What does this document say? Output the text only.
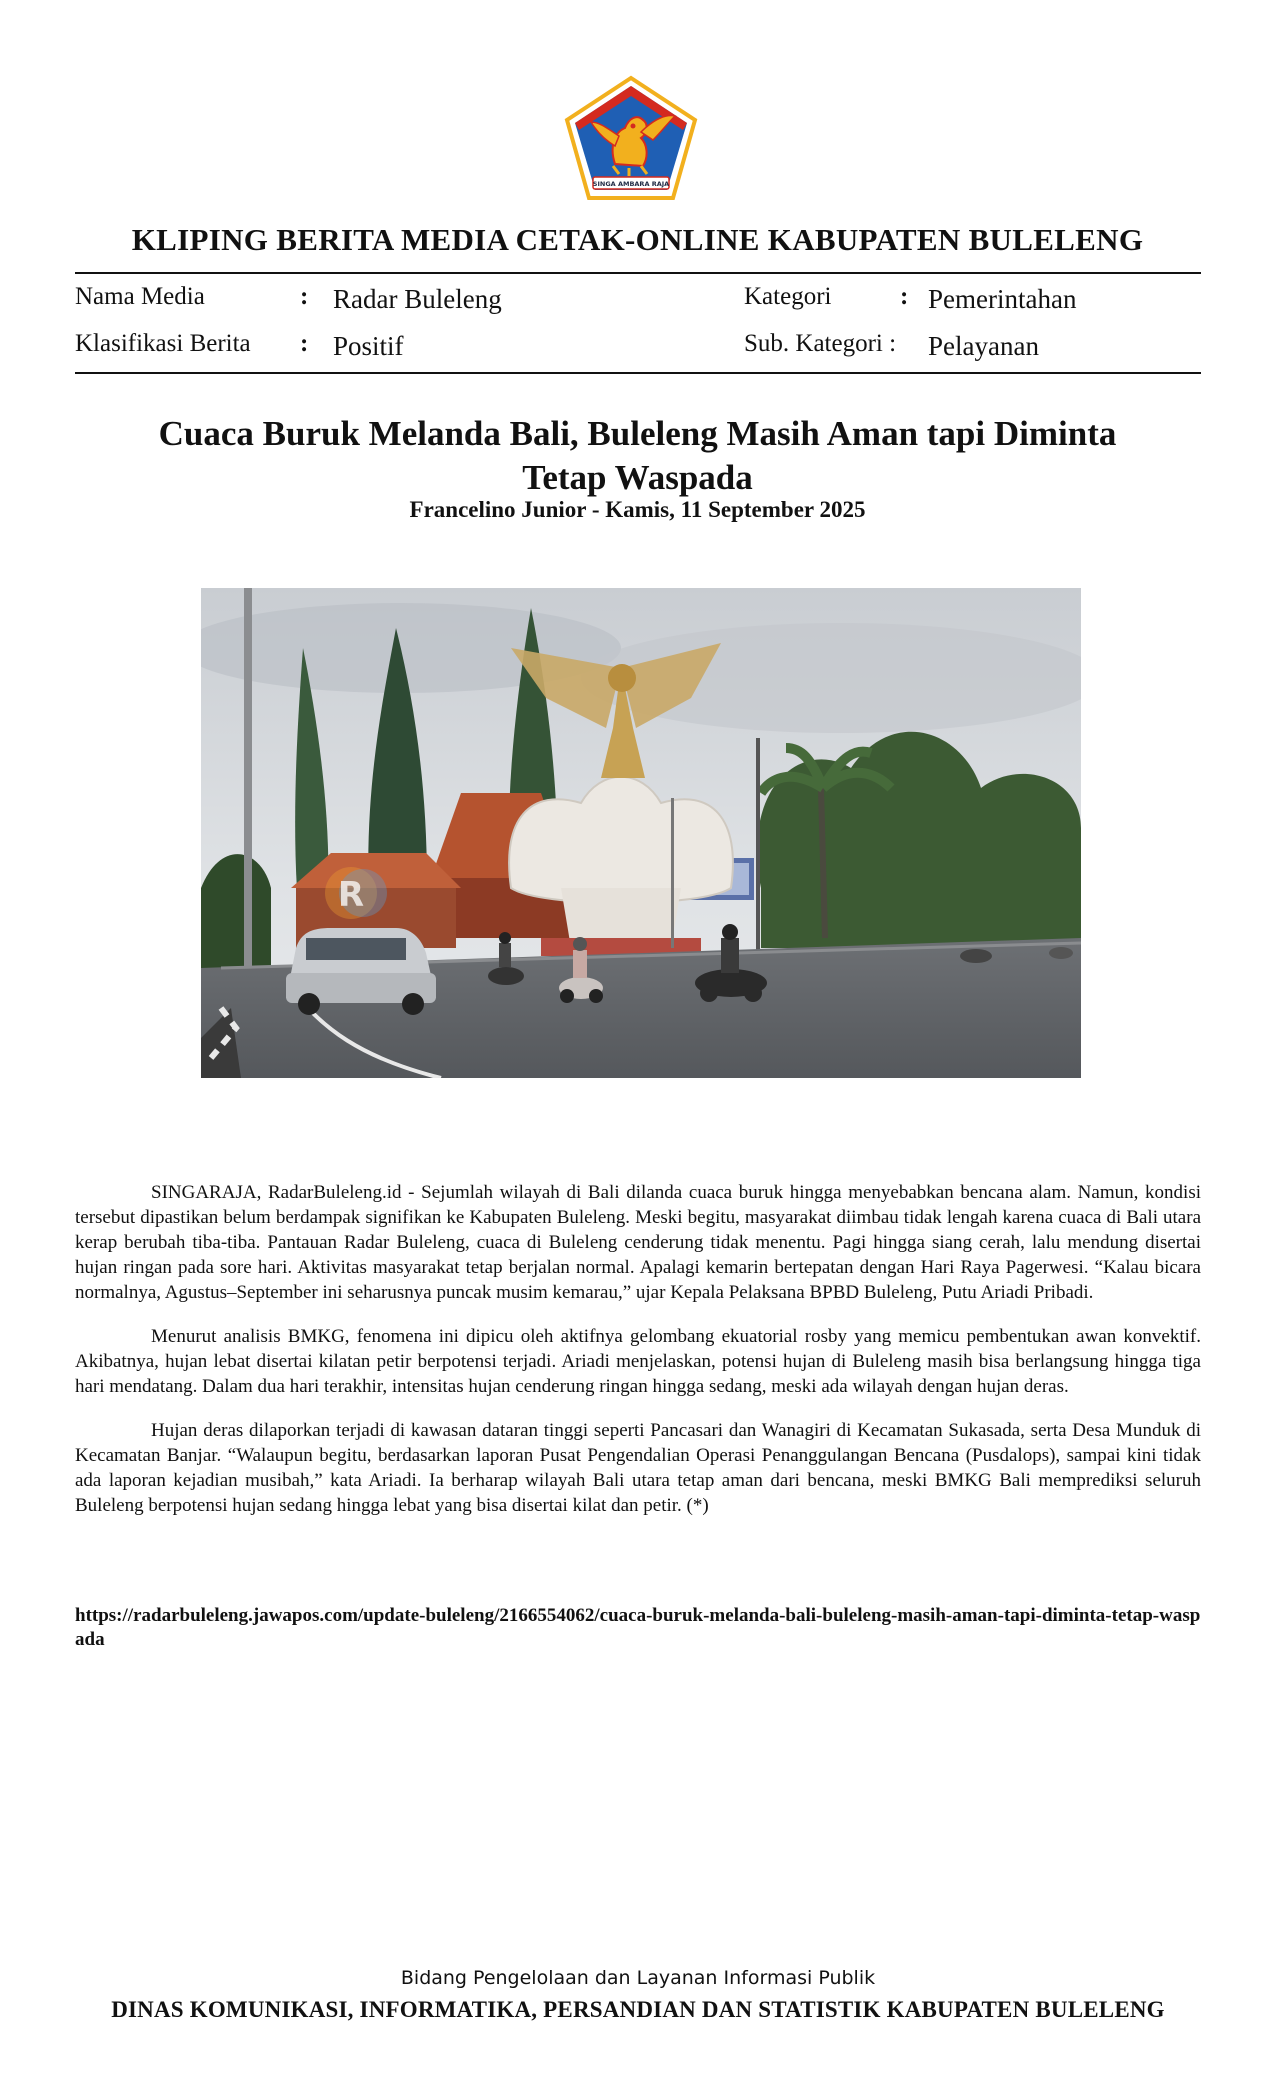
SINGA AMBARA RAJA
KLIPING BERITA MEDIA CETAK-ONLINE KABUPATEN BULELENG
Nama Media	: Radar Buleleng	Kategori	: Pemerintahan
Klasifikasi Berita : Positif	Sub. Kategori : Pelayanan
Cuaca Buruk Melanda Bali, Buleleng Masih Aman tapi Diminta
Tetap Waspada
Francelino Junior - Kamis, 11 September 2025
R

SINGARAJA, RadarBuleleng.id - Sejumlah wilayah di Bali dilanda cuaca buruk hingga menyebabkan bencana alam. Namun, kondisi tersebut dipastikan belum berdampak signifikan ke Kabupaten Buleleng. Meski begitu, masyarakat diimbau tidak lengah karena cuaca di Bali utara kerap berubah tiba-tiba. Pantauan Radar Buleleng, cuaca di Buleleng cenderung tidak menentu. Pagi hingga siang cerah, lalu mendung disertai hujan ringan pada sore hari. Aktivitas masyarakat tetap berjalan normal. Apalagi kemarin bertepatan dengan Hari Raya Pagerwesi. “Kalau bicara normalnya, Agustus–September ini seharusnya puncak musim kemarau,” ujar Kepala Pelaksana BPBD Buleleng, Putu Ariadi Pribadi.

Menurut analisis BMKG, fenomena ini dipicu oleh aktifnya gelombang ekuatorial rosby yang memicu pembentukan awan konvektif. Akibatnya, hujan lebat disertai kilatan petir berpotensi terjadi. Ariadi menjelaskan, potensi hujan di Buleleng masih bisa berlangsung hingga tiga hari mendatang. Dalam dua hari terakhir, intensitas hujan cenderung ringan hingga sedang, meski ada wilayah dengan hujan deras.

Hujan deras dilaporkan terjadi di kawasan dataran tinggi seperti Pancasari dan Wanagiri di Kecamatan Sukasada, serta Desa Munduk di Kecamatan Banjar. “Walaupun begitu, berdasarkan laporan Pusat Pengendalian Operasi Penanggulangan Bencana (Pusdalops), sampai kini tidak ada laporan kejadian musibah,” kata Ariadi. Ia berharap wilayah Bali utara tetap aman dari bencana, meski BMKG Bali memprediksi seluruh Buleleng berpotensi hujan sedang hingga lebat yang bisa disertai kilat dan petir. (*)

https://radarbuleleng.jawapos.com/update-buleleng/2166554062/cuaca-buruk-melanda-bali-buleleng-masih-aman-tapi-diminta-tetap-waspada
Bidang Pengelolaan dan Layanan Informasi Publik
DINAS KOMUNIKASI, INFORMATIKA, PERSANDIAN DAN STATISTIK KABUPATEN BULELENG
